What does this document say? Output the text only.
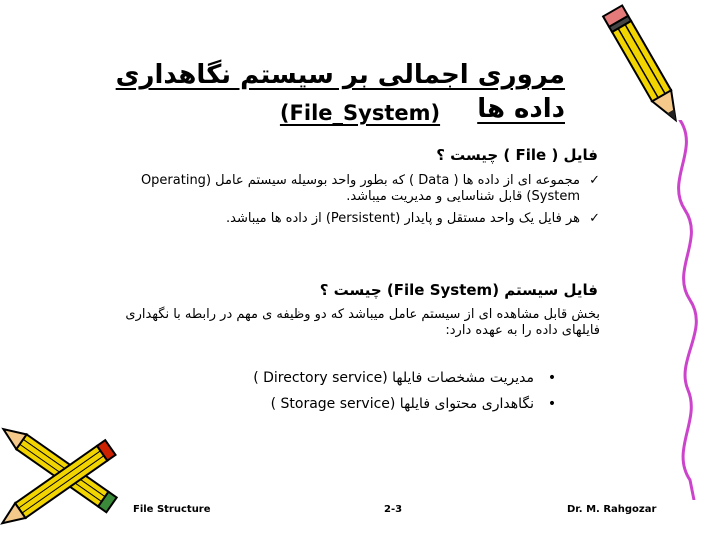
مروری اجمالی بر سیستم نگاهداری داده ها
(File_System)
فایل ( File ) چیست ؟
✓
مجموعه ای از داده ها ( Data ) که بطور واحد بوسیله سیستم عامل (Operating System) قابل شناسایی و مدیریت میباشد.
✓
هر فایل یک واحد مستقل و پایدار (Persistent) از داده ها میباشد.
فایل سیستم (File System) چیست ؟
بخش قابل مشاهده ای از سیستم عامل میباشد که دو وظیفه ی مهم در رابطه با نگهداری فایلهای داده را به عهده دارد:
•مدیریت مشخصات فایلها (Directory service )
•نگاهداری محتوای فایلها (Storage service )
File Structure	2-3	Dr. M. Rahgozar
